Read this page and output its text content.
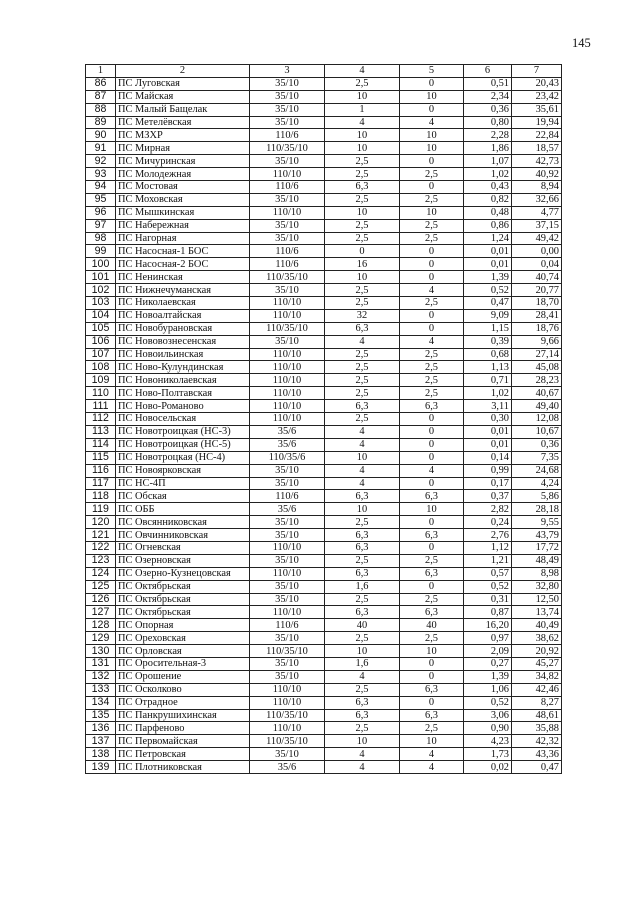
145
1	2	3	4	5	6	7
86	ПС Луговская	35/10	2,5	0	0,51	20,43
87	ПС Майская	35/10	10	10	2,34	23,42
88	ПС Малый Бащелак	35/10	1	0	0,36	35,61
89	ПС Метелёвская	35/10	4	4	0,80	19,94
90	ПС МЗХР	110/6	10	10	2,28	22,84
91	ПС Мирная	110/35/10	10	10	1,86	18,57
92	ПС Мичуринская	35/10	2,5	0	1,07	42,73
93	ПС Молодежная	110/10	2,5	2,5	1,02	40,92
94	ПС Мостовая	110/6	6,3	0	0,43	8,94
95	ПС Моховская	35/10	2,5	2,5	0,82	32,66
96	ПС Мышкинская	110/10	10	10	0,48	4,77
97	ПС Набережная	35/10	2,5	2,5	0,86	37,15
98	ПС Нагорная	35/10	2,5	2,5	1,24	49,42
99	ПС Насосная-1 БОС	110/6	0	0	0,01	0,00
100	ПС Насосная-2 БОС	110/6	16	0	0,01	0,04
101	ПС Ненинская	110/35/10	10	0	1,39	40,74
102	ПС Нижнечуманская	35/10	2,5	4	0,52	20,77
103	ПС Николаевская	110/10	2,5	2,5	0,47	18,70
104	ПС Новоалтайская	110/10	32	0	9,09	28,41
105	ПС Новобурановская	110/35/10	6,3	0	1,15	18,76
106	ПС Нововознесенская	35/10	4	4	0,39	9,66
107	ПС Новоильинская	110/10	2,5	2,5	0,68	27,14
108	ПС Ново-Кулундинская	110/10	2,5	2,5	1,13	45,08
109	ПС Новониколаевская	110/10	2,5	2,5	0,71	28,23
110	ПС Ново-Полтавская	110/10	2,5	2,5	1,02	40,67
111	ПС Ново-Романово	110/10	6,3	6,3	3,11	49,40
112	ПС Новосельская	110/10	2,5	0	0,30	12,08
113	ПС Новотроицкая (НС-3)	35/6	4	0	0,01	10,67
114	ПС Новотроицкая (НС-5)	35/6	4	0	0,01	0,36
115	ПС Новотроцкая (НС-4)	110/35/6	10	0	0,14	7,35
116	ПС Новоярковская	35/10	4	4	0,99	24,68
117	ПС НС-4П	35/10	4	0	0,17	4,24
118	ПС Обская	110/6	6,3	6,3	0,37	5,86
119	ПС ОББ	35/6	10	10	2,82	28,18
120	ПС Овсянниковская	35/10	2,5	0	0,24	9,55
121	ПС Овчинниковская	35/10	6,3	6,3	2,76	43,79
122	ПС Огневская	110/10	6,3	0	1,12	17,72
123	ПС Озерновская	35/10	2,5	2,5	1,21	48,49
124	ПС Озерно-Кузнецовская	110/10	6,3	6,3	0,57	8,98
125	ПС Октябрьская	35/10	1,6	0	0,52	32,80
126	ПС Октябрьская	35/10	2,5	2,5	0,31	12,50
127	ПС Октябрьская	110/10	6,3	6,3	0,87	13,74
128	ПС Опорная	110/6	40	40	16,20	40,49
129	ПС Ореховская	35/10	2,5	2,5	0,97	38,62
130	ПС Орловская	110/35/10	10	10	2,09	20,92
131	ПС Оросительная-3	35/10	1,6	0	0,27	45,27
132	ПС Орошение	35/10	4	0	1,39	34,82
133	ПС Осколково	110/10	2,5	6,3	1,06	42,46
134	ПС Отрадное	110/10	6,3	0	0,52	8,27
135	ПС Панкрушихинская	110/35/10	6,3	6,3	3,06	48,61
136	ПС Парфеново	110/10	2,5	2,5	0,90	35,88
137	ПС Первомайская	110/35/10	10	10	4,23	42,32
138	ПС Петровская	35/10	4	4	1,73	43,36
139	ПС Плотниковская	35/6	4	4	0,02	0,47
